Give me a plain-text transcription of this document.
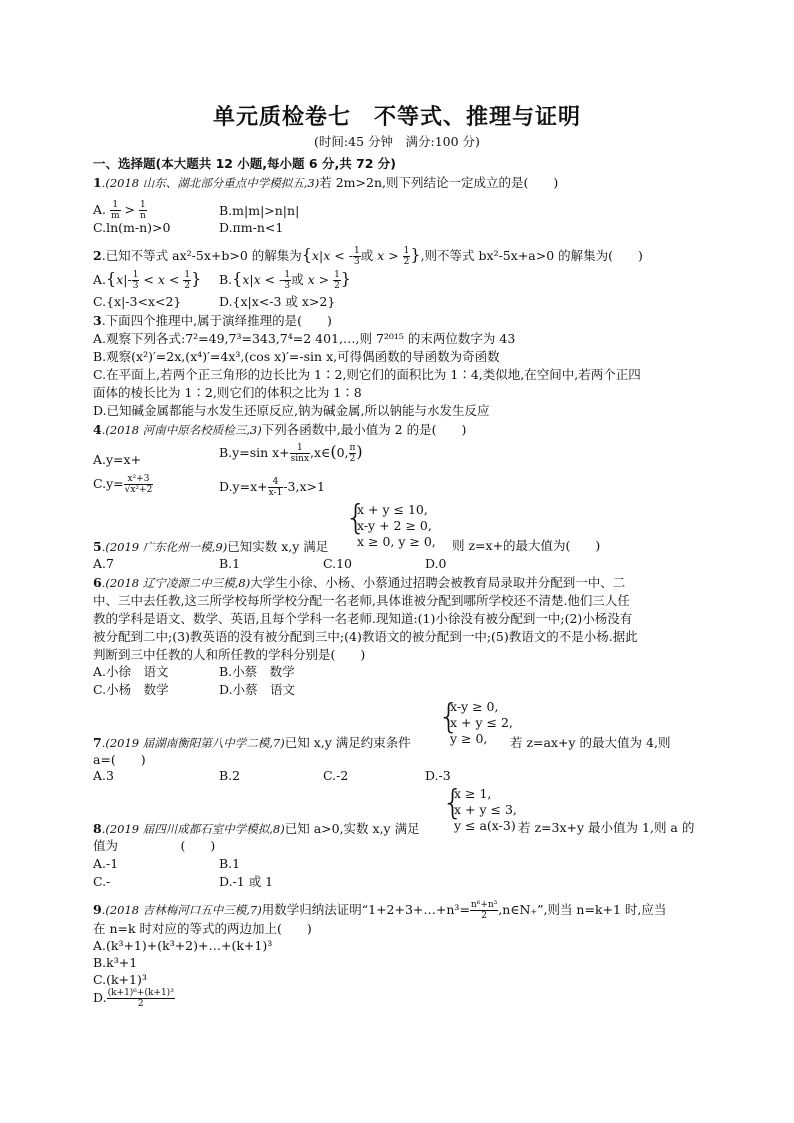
单元质检卷七　不等式、推理与证明
(时间:45 分钟　满分:100 分)
一、选择题(本大题共 12 小题,每小题 6 分,共 72 分)
1.(2018 山东、湖北部分重点中学模拟五,3)若 2m>2n,则下列结论一定成立的是(　　)
A. $\frac{1}{m} > \frac{1}{n}$	B.m|m|>n|n|
C.ln(m-n)>0	D.πm-n<1
2.已知不等式 ax²-5x+b>0 的解集为{x|x < - $\frac{1}{3}$ 或 $x > \frac{1}{2}$ },则不等式 bx²-5x+a>0 的解集为(　　)
$A.\{x|- \frac{1}{3} < x < \frac{1}{2}$ } B.{x|x < - $\frac{1}{3}$ 或 $x > \frac{1}{2}$ }
C.{x|-3<x<2}	D.{x|x<-3 或 x>2}
3.下面四个推理中,属于演绎推理的是(　　)
A.观察下列各式:7²=49,7³=343,7⁴=2 401,…,则 7²⁰¹⁵ 的末两位数字为 43
B.观察(x²)′=2x,(x⁴)′=4x³,(cos x)′=-sin x,可得偶函数的导函数为奇函数
C.在平面上,若两个正三角形的边长比为 1∶2,则它们的面积比为 1∶4,类似地,在空间中,若两个正四
面体的棱长比为 1∶2,则它们的体积之比为 1∶8
D.已知碱金属都能与水发生还原反应,钠为碱金属,所以钠能与水发生反应
4.(2018 河南中原名校质检三,3)下列各函数中,最小值为 2 的是(　　)
A.y=x+	B.y=sin $x+ \frac{1}{\sin x}$ ,x∈(0, $\frac{\pi}{2}$ )
$C.y= \frac{\text{x²+3}}{\text{√x²+2}}$	$D.y=x+ \frac{4}{x-1} -3,x>1$
{
x + y ≤ 10,
x-y + 2 ≥ 0,
x ≥ 0, y ≥ 0,
5.(2019 广东化州一模,9)已知实数 x,y 满足	则 z=x+的最大值为(　　)
A.7	B.1	C.10	D.0
6.(2018 辽宁凌源二中三模,8)大学生小徐、小杨、小蔡通过招聘会被教育局录取并分配到一中、二
中、三中去任教,这三所学校每所学校分配一名老师,具体谁被分配到哪所学校还不清楚.他们三人任
教的学科是语文、数学、英语,且每个学科一名老师.现知道:(1)小徐没有被分配到一中;(2)小杨没有
被分配到二中;(3)教英语的没有被分配到三中;(4)教语文的被分配到一中;(5)教语文的不是小杨.据此
判断到三中任教的人和所任教的学科分别是(　　)
A.小徐　语文	B.小蔡　数学
C.小杨　数学	D.小蔡　语文
{
x-y ≥ 0,
x + y ≤ 2,
y ≥ 0,
7.(2019 届湖南衡阳第八中学二模,7)已知 x,y 满足约束条件	若 z=ax+y 的最大值为 4,则
a=(　　)
A.3	B.2	C.-2	D.-3
{
x ≥ 1,
x + y ≤ 3,
y ≤ a(x-3)
8.(2019 届四川成都石室中学模拟,8)已知 a>0,实数 x,y 满足	若 z=3x+y 最小值为 1,则 a 的
值为　　　　　(　　)
A.-1	B.1
C.-	D.-1 或 1
9.(2018 吉林梅河口五中三模,7)用数学归纳法证明“1+2+3+…+n³= $\frac{\text{n⁶+n³}}{2}$ ,n∈N₊”,则当 n=k+1 时,应当
在 n=k 时对应的等式的两边加上(　　)
A.(k³+1)+(k³+2)+…+(k+1)³
B.k³+1
C.(k+1)³
D. $\frac{\text{(k+1)⁶+(k+1)³}}{2}$
